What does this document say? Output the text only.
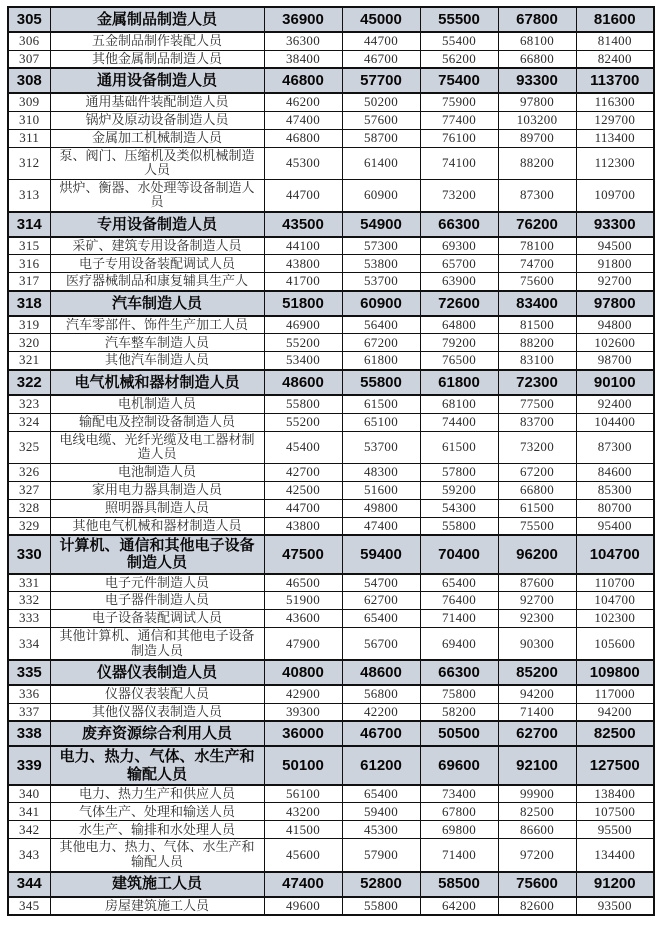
305	金属制品制造人员	36900	45000	55500	67800	81600
306	五金制品制作装配人员	36300	44700	55400	68100	81400
307	其他金属制品制造人员	38400	46700	56200	66800	82400
308	通用设备制造人员	46800	57700	75400	93300	113700
309	通用基础件装配制造人员	46200	50200	75900	97800	116300
310	锅炉及原动设备制造人员	47400	57600	77400	103200	129700
311	金属加工机械制造人员	46800	58700	76100	89700	113400
312	泵、阀门、压缩机及类似机械制造人员	45300	61400	74100	88200	112300
313	烘炉、衡器、水处理等设备制造人员	44700	60900	73200	87300	109700
314	专用设备制造人员	43500	54900	66300	76200	93300
315	采矿、建筑专用设备制造人员	44100	57300	69300	78100	94500
316	电子专用设备装配调试人员	43800	53800	65700	74700	91800
317	医疗器械制品和康复辅具生产人	41700	53700	63900	75600	92700
318	汽车制造人员	51800	60900	72600	83400	97800
319	汽车零部件、饰件生产加工人员	46900	56400	64800	81500	94800
320	汽车整车制造人员	55200	67200	79200	88200	102600
321	其他汽车制造人员	53400	61800	76500	83100	98700
322	电气机械和器材制造人员	48600	55800	61800	72300	90100
323	电机制造人员	55800	61500	68100	77500	92400
324	输配电及控制设备制造人员	55200	65100	74400	83700	104400
325	电线电缆、光纤光缆及电工器材制造人员	45400	53700	61500	73200	87300
326	电池制造人员	42700	48300	57800	67200	84600
327	家用电力器具制造人员	42500	51600	59200	66800	85300
328	照明器具制造人员	44700	49800	54300	61500	80700
329	其他电气机械和器材制造人员	43800	47400	55800	75500	95400
330	计算机、通信和其他电子设备制造人员	47500	59400	70400	96200	104700
331	电子元件制造人员	46500	54700	65400	87600	110700
332	电子器件制造人员	51900	62700	76400	92700	104700
333	电子设备装配调试人员	43600	65400	71400	92300	102300
334	其他计算机、通信和其他电子设备制造人员	47900	56700	69400	90300	105600
335	仪器仪表制造人员	40800	48600	66300	85200	109800
336	仪器仪表装配人员	42900	56800	75800	94200	117000
337	其他仪器仪表制造人员	39300	42200	58200	71400	94200
338	废弃资源综合利用人员	36000	46700	50500	62700	82500
339	电力、热力、气体、水生产和输配人员	50100	61200	69600	92100	127500
340	电力、热力生产和供应人员	56100	65400	73400	99900	138400
341	气体生产、处理和输送人员	43200	59400	67800	82500	107500
342	水生产、输排和水处理人员	41500	45300	69800	86600	95500
343	其他电力、热力、气体、水生产和输配人员	45600	57900	71400	97200	134400
344	建筑施工人员	47400	52800	58500	75600	91200
345	房屋建筑施工人员	49600	55800	64200	82600	93500
